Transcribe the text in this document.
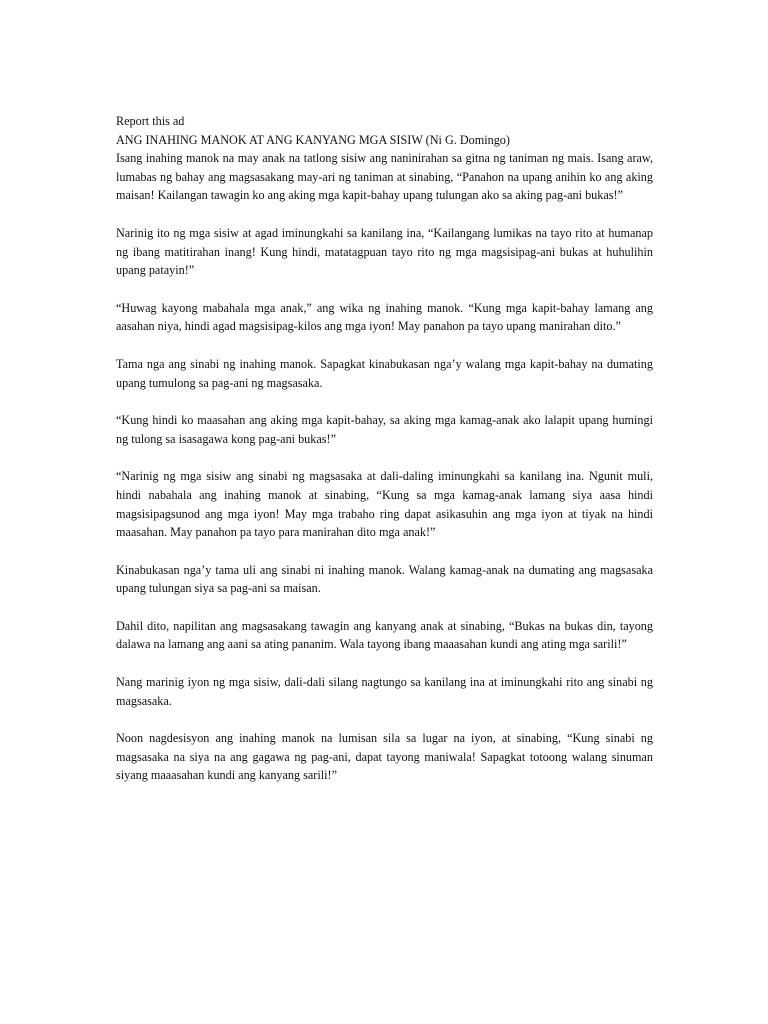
Report this ad
ANG INAHING MANOK AT ANG KANYANG MGA SISIW (Ni G. Domingo)

Isang inahing manok na may anak na tatlong sisiw ang naninirahan sa gitna ng taniman ng mais. Isang araw, lumabas ng bahay ang magsasakang may-ari ng taniman at sinabing, “Panahon na upang anihin ko ang aking maisan! Kailangan tawagin ko ang aking mga kapit-bahay upang tulungan ako sa aking pag-ani bukas!”

Narinig ito ng mga sisiw at agad iminungkahi sa kanilang ina, “Kailangang lumikas na tayo rito at humanap ng ibang matitirahan inang! Kung hindi, matatagpuan tayo rito ng mga magsisipag-ani bukas at huhulihin upang patayin!”

“Huwag kayong mabahala mga anak,” ang wika ng inahing manok. “Kung mga kapit-bahay lamang ang aasahan niya, hindi agad magsisipag-kilos ang mga iyon! May panahon pa tayo upang manirahan dito.”

Tama nga ang sinabi ng inahing manok. Sapagkat kinabukasan nga’y walang mga kapit-bahay na dumating upang tumulong sa pag-ani ng magsasaka.

“Kung hindi ko maasahan ang aking mga kapit-bahay, sa aking mga kamag-anak ako lalapit upang humingi ng tulong sa isasagawa kong pag-ani bukas!”

“Narinig ng mga sisiw ang sinabi ng magsasaka at dali-daling iminungkahi sa kanilang ina. Ngunit muli, hindi nabahala ang inahing manok at sinabing, “Kung sa mga kamag-anak lamang siya aasa hindi magsisipagsunod ang mga iyon! May mga trabaho ring dapat asikasuhin ang mga iyon at tiyak na hindi maasahan. May panahon pa tayo para manirahan dito mga anak!”

Kinabukasan nga’y tama uli ang sinabi ni inahing manok. Walang kamag-anak na dumating ang magsasaka upang tulungan siya sa pag-ani sa maisan.

Dahil dito, napilitan ang magsasakang tawagin ang kanyang anak at sinabing, “Bukas na bukas din, tayong dalawa na lamang ang aani sa ating pananim. Wala tayong ibang maaasahan kundi ang ating mga sarili!”

Nang marinig iyon ng mga sisiw, dali-dali silang nagtungo sa kanilang ina at iminungkahi rito ang sinabi ng magsasaka.

Noon nagdesisyon ang inahing manok na lumisan sila sa lugar na iyon, at sinabing, “Kung sinabi ng magsasaka na siya na ang gagawa ng pag-ani, dapat tayong maniwala! Sapagkat totoong walang sinuman siyang maaasahan kundi ang kanyang sarili!”
